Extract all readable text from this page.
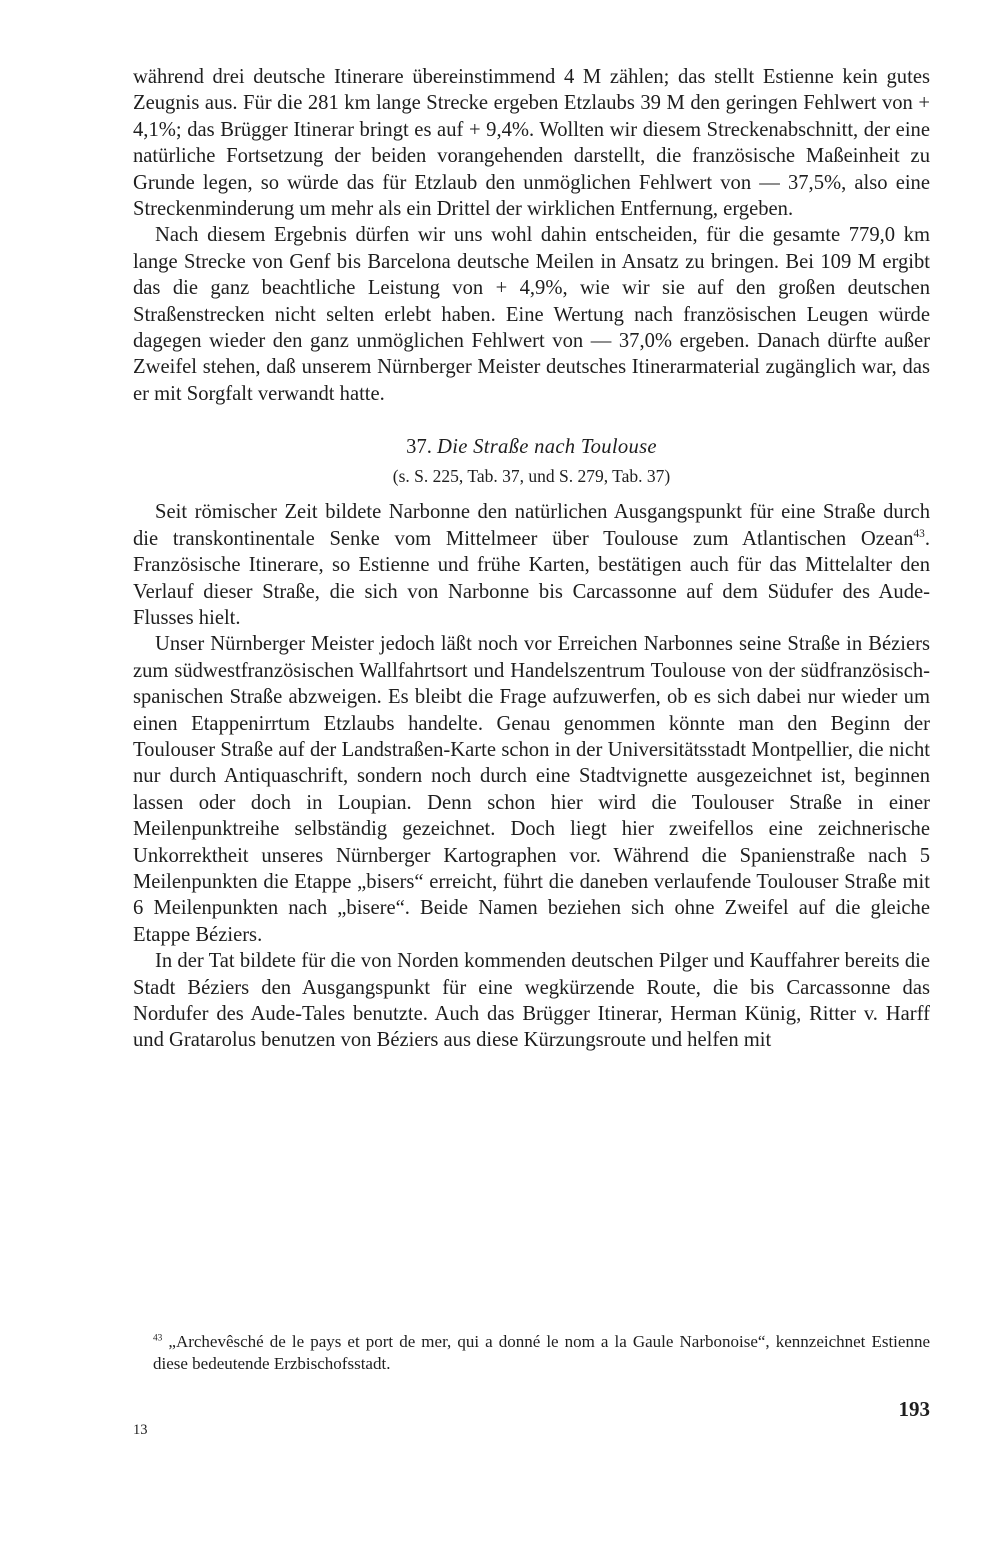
während drei deutsche Itinerare übereinstimmend 4 M zählen; das stellt Estienne kein gutes Zeugnis aus. Für die 281 km lange Strecke ergeben Etzlaubs 39 M den geringen Fehlwert von + 4,1%; das Brügger Itinerar bringt es auf + 9,4%. Wollten wir diesem Streckenabschnitt, der eine natürliche Fortsetzung der beiden vorangehenden darstellt, die französische Maßeinheit zu Grunde legen, so würde das für Etzlaub den unmöglichen Fehlwert von — 37,5%, also eine Streckenminderung um mehr als ein Drittel der wirklichen Entfernung, ergeben.

Nach diesem Ergebnis dürfen wir uns wohl dahin entscheiden, für die gesamte 779,0 km lange Strecke von Genf bis Barcelona deutsche Meilen in Ansatz zu bringen. Bei 109 M ergibt das die ganz beachtliche Leistung von + 4,9%, wie wir sie auf den großen deutschen Straßenstrecken nicht selten erlebt haben. Eine Wertung nach französischen Leugen würde dagegen wieder den ganz unmöglichen Fehlwert von — 37,0% ergeben. Danach dürfte außer Zweifel stehen, daß unserem Nürnberger Meister deutsches Itinerarmaterial zugänglich war, das er mit Sorgfalt verwandt hatte.

37. Die Straße nach Toulouse
(s. S. 225, Tab. 37, und S. 279, Tab. 37)

Seit römischer Zeit bildete Narbonne den natürlichen Ausgangspunkt für eine Straße durch die transkontinentale Senke vom Mittelmeer über Toulouse zum Atlantischen Ozean$^{43}$. Französische Itinerare, so Estienne und frühe Karten, bestätigen auch für das Mittelalter den Verlauf dieser Straße, die sich von Narbonne bis Carcassonne auf dem Südufer des Aude-Flusses hielt.

Unser Nürnberger Meister jedoch läßt noch vor Erreichen Narbonnes seine Straße in Béziers zum südwestfranzösischen Wallfahrtsort und Handelszentrum Toulouse von der südfranzösisch-spanischen Straße abzweigen. Es bleibt die Frage aufzuwerfen, ob es sich dabei nur wieder um einen Etappenirrtum Etzlaubs handelte. Genau genommen könnte man den Beginn der Toulouser Straße auf der Landstraßen-Karte schon in der Universitätsstadt Montpellier, die nicht nur durch Antiquaschrift, sondern noch durch eine Stadtvignette ausgezeichnet ist, beginnen lassen oder doch in Loupian. Denn schon hier wird die Toulouser Straße in einer Meilenpunktreihe selbständig gezeichnet. Doch liegt hier zweifellos eine zeichnerische Unkorrektheit unseres Nürnberger Kartographen vor. Während die Spanienstraße nach 5 Meilenpunkten die Etappe „bisers“ erreicht, führt die daneben verlaufende Toulouser Straße mit 6 Meilenpunkten nach „bisere“. Beide Namen beziehen sich ohne Zweifel auf die gleiche Etappe Béziers.

In der Tat bildete für die von Norden kommenden deutschen Pilger und Kauffahrer bereits die Stadt Béziers den Ausgangspunkt für eine wegkürzende Route, die bis Carcassonne das Nordufer des Aude-Tales benutzte. Auch das Brügger Itinerar, Herman Künig, Ritter v. Harff und Gratarolus benutzen von Béziers aus diese Kürzungsroute und helfen mit

$^{43}$ „Archevêsché de le pays et port de mer, qui a donné le nom a la Gaule Narbonoise“, kennzeichnet Estienne diese bedeutende Erzbischofsstadt.
193
13
